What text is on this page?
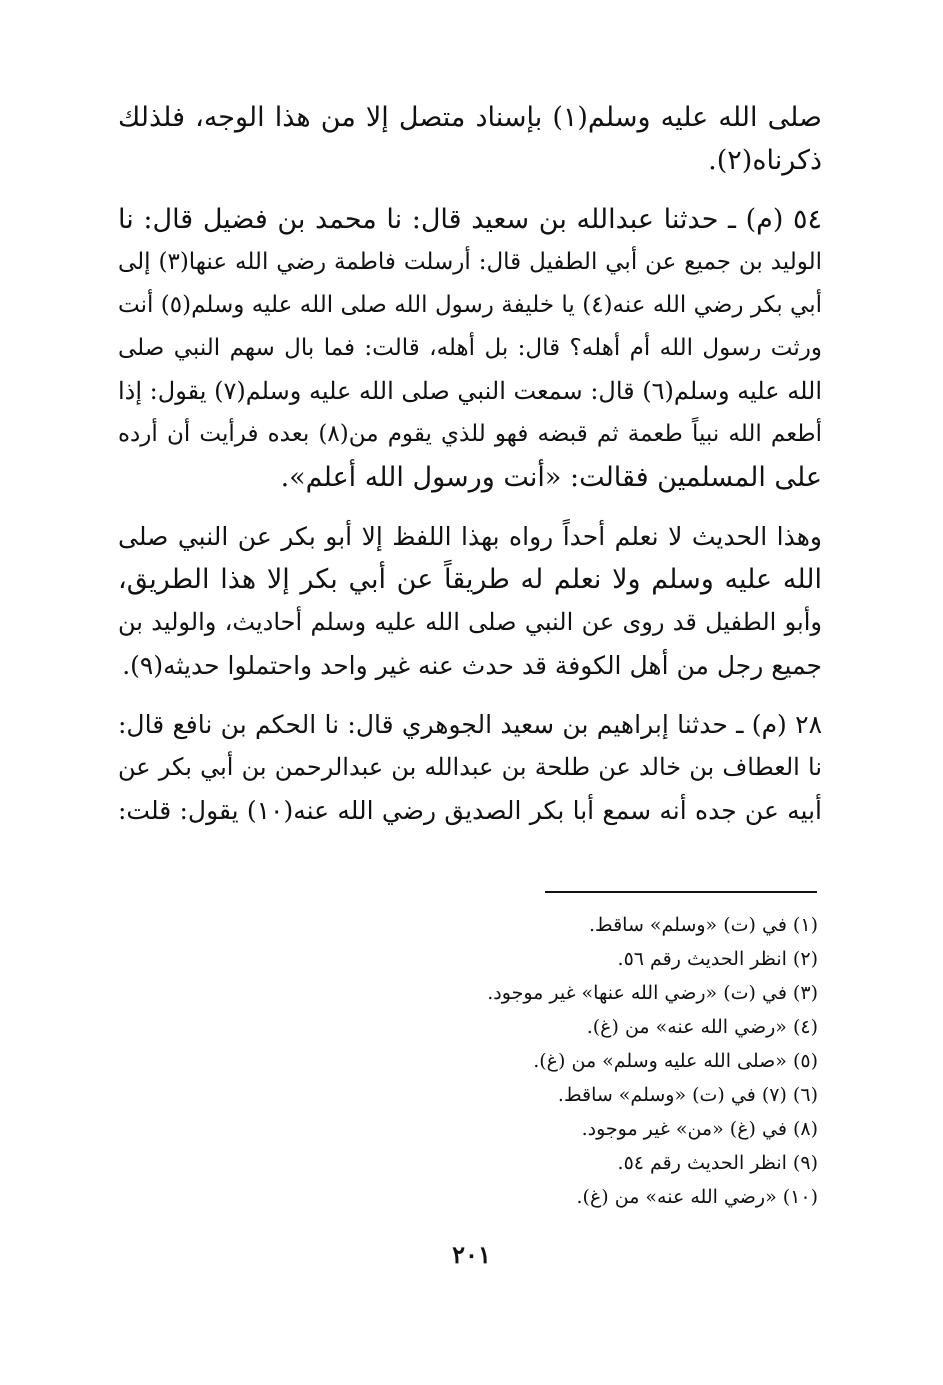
صلى الله عليه وسلم(١) بإسناد متصل إلا من هذا الوجه، فلذلك
ذكرناه(٢).
٥٤ (م) ـ حدثنا عبدالله بن سعيد قال: نا محمد بن فضيل قال: نا
الوليد بن جميع عن أبي الطفيل قال: أرسلت فاطمة رضي الله عنها(٣) إلى
أبي بكر رضي الله عنه(٤) يا خليفة رسول الله صلى الله عليه وسلم(٥) أنت
ورثت رسول الله أم أهله؟ قال: بل أهله، قالت: فما بال سهم النبي صلى
الله عليه وسلم(٦) قال: سمعت النبي صلى الله عليه وسلم(٧) يقول: إذا
أطعم الله نبياً طعمة ثم قبضه فهو للذي يقوم من(٨) بعده فرأيت أن أرده
على المسلمين فقالت: «أنت ورسول الله أعلم».
وهذا الحديث لا نعلم أحداً رواه بهذا اللفظ إلا أبو بكر عن النبي صلى
الله عليه وسلم ولا نعلم له طريقاً عن أبي بكر إلا هذا الطريق،
وأبو الطفيل قد روى عن النبي صلى الله عليه وسلم أحاديث، والوليد بن
جميع رجل من أهل الكوفة قد حدث عنه غير واحد واحتملوا حديثه(٩).
٢٨ (م) ـ حدثنا إبراهيم بن سعيد الجوهري قال: نا الحكم بن نافع قال:
نا العطاف بن خالد عن طلحة بن عبدالله بن عبدالرحمن بن أبي بكر عن
أبيه عن جده أنه سمع أبا بكر الصديق رضي الله عنه(١٠) يقول: قلت:
(١) في (ت) «وسلم» ساقط.
(٢) انظر الحديث رقم ٥٦.
(٣) في (ت) «رضي الله عنها» غير موجود.
(٤) «رضي الله عنه» من (غ).
(٥) «صلى الله عليه وسلم» من (غ).
(٦) (٧) في (ت) «وسلم» ساقط.
(٨) في (غ) «من» غير موجود.
(٩) انظر الحديث رقم ٥٤.
(١٠) «رضي الله عنه» من (غ).
٢٠١
